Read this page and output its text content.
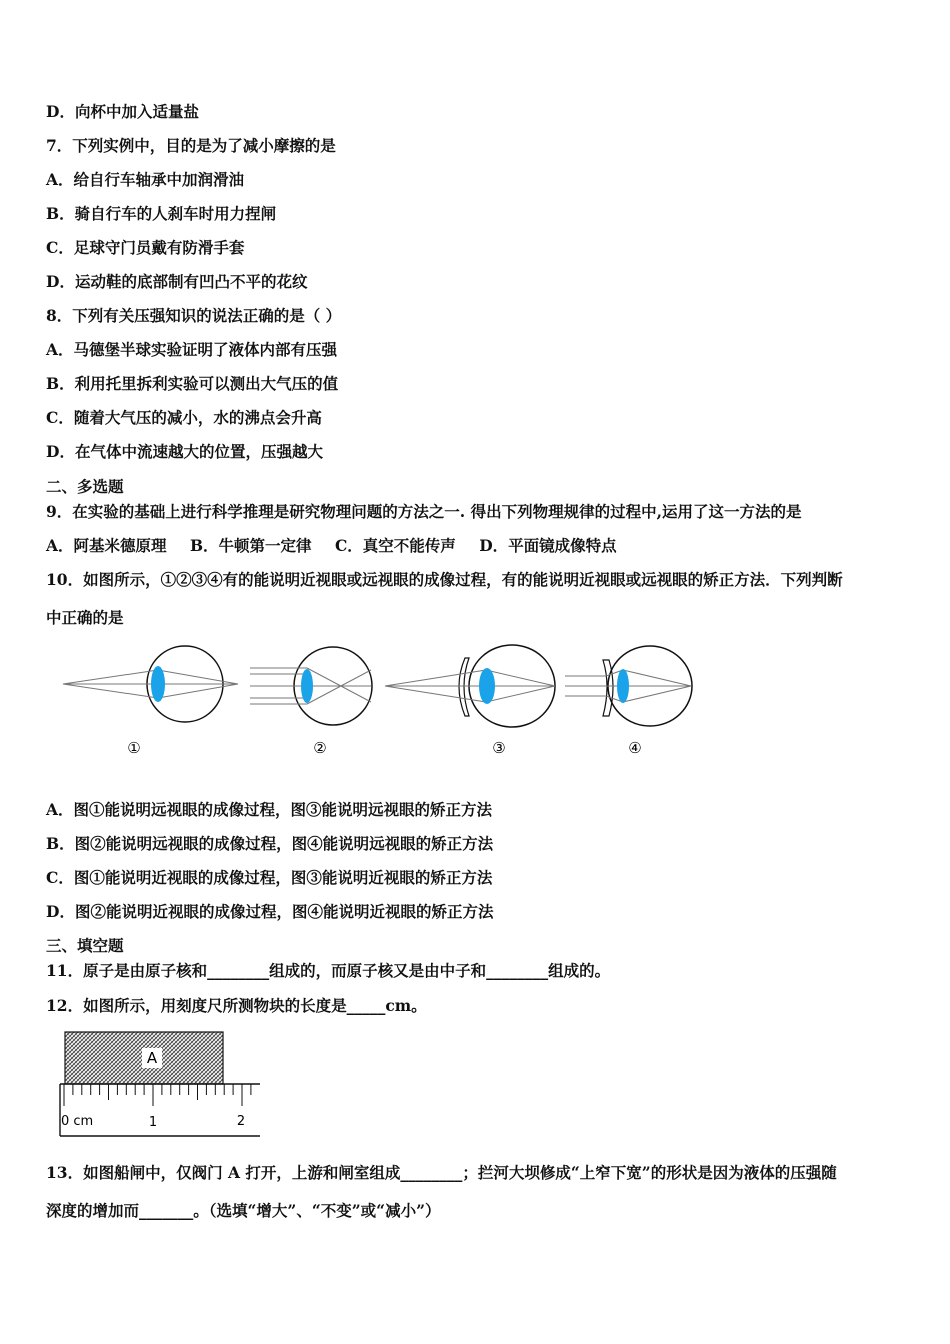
D．向杯中加入适量盐
7．下列实例中，目的是为了减小摩擦的是
A．给自行车轴承中加润滑油
B．骑自行车的人刹车时用力捏闸
C．足球守门员戴有防滑手套
D．运动鞋的底部制有凹凸不平的花纹
8．下列有关压强知识的说法正确的是（ ）
A．马德堡半球实验证明了液体内部有压强
B．利用托里拆利实验可以测出大气压的值
C．随着大气压的减小，水的沸点会升高
D．在气体中流速越大的位置，压强越大
二、多选题
9．在实验的基础上进行科学推理是研究物理问题的方法之一. 得出下列物理规律的过程中,运用了这一方法的是
A．阿基米德原理 B．牛顿第一定律 C．真空不能传声 D．平面镜成像特点
10．如图所示，①②③④有的能说明近视眼或远视眼的成像过程，有的能说明近视眼或远视眼的矫正方法．下列判断
中正确的是
①	②	③	④
A．图①能说明远视眼的成像过程，图③能说明远视眼的矫正方法
B．图②能说明远视眼的成像过程，图④能说明远视眼的矫正方法
C．图①能说明近视眼的成像过程，图③能说明近视眼的矫正方法
D．图②能说明近视眼的成像过程，图④能说明近视眼的矫正方法
三、填空题
11．原子是由原子核和________组成的，而原子核又是由中子和________组成的。
12．如图所示，用刻度尺所测物块的长度是_____cm。
A
0 cm	1	2
13．如图船闸中，仅阀门 A 打开，上游和闸室组成________；拦河大坝修成“上窄下宽”的形状是因为液体的压强随
深度的增加而_______。（选填“增大”、“不变”或“减小”）
